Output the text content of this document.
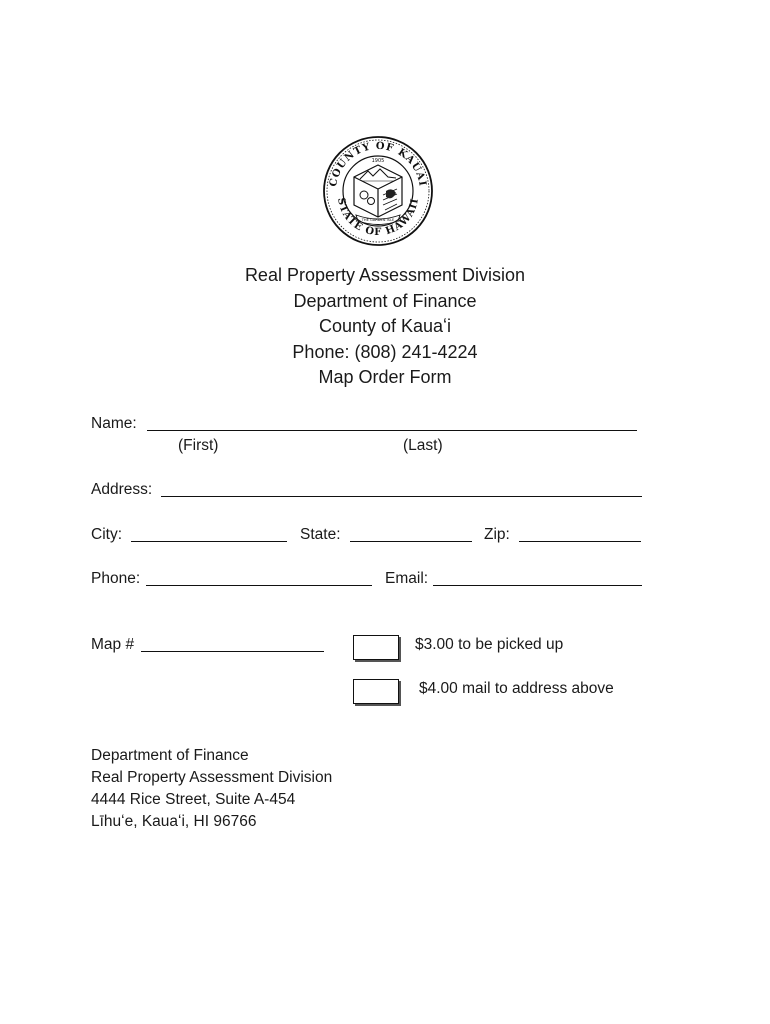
COUNTY OF KAUAI
STATE OF HAWAII
1905
THE GARDEN ISLE
Real Property Assessment Division
Department of Finance
County of Kauaʻi
Phone: (808) 241-4224
Map Order Form
Name:
(First)	(Last)
Address:
City:	State:	Zip:
Phone:	Email:
Map #	$3.00 to be picked up
$4.00 mail to address above
Department of Finance
Real Property Assessment Division
4444 Rice Street, Suite A-454
Līhuʻe, Kauaʻi, HI 96766
